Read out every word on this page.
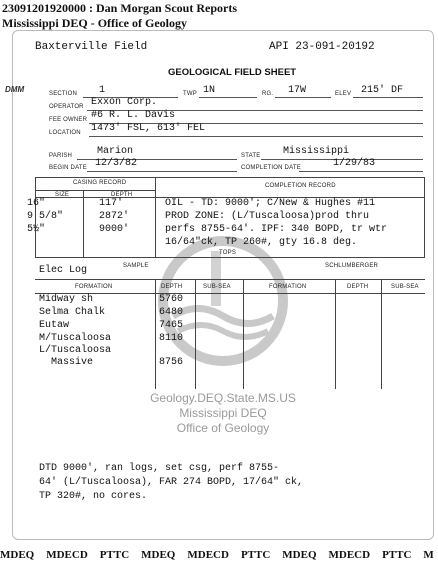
23091201920000 : Dan Morgan Scout Reports
Mississippi DEQ - Office of Geology
Geology.DEQ.State.MS.US
Mississippi DEQ
Office of Geology
Baxterville Field	API 23-091-20192
GEOLOGICAL FIELD SHEET
DMM	SECTION 1	TWP 1N	RG. 17W	ELEV 215' DF
OPERATOR Exxon Corp.
FEE OWNER #6 R. L. Davis
LOCATION 1473' FSL, 613' FEL
PARISH Marion	STATE Mississippi
BEGIN DATE 12/3/82	COMPLETION DATE	1/29/83
CASING RECORD
SIZE	DEPTH
COMPLETION RECORD
16"	117'
9 5/8"	2872'
5½"	9000'
OIL - TD: 9000'; C/New & Hughes #11
PROD ZONE: (L/Tuscaloosa)prod thru
perfs 8755-64'. IPF: 340 BOPD, tr wtr
16/64"ck, TP 260#, gty 16.8 deg.
TOPS
SAMPLE	SCHLUMBERGER
Elec Log
FORMATION	DEPTH	SUB-SEA	FORMATION	DEPTH	SUB-SEA
Midway sh	5760
Selma Chalk	6480
Eutaw	7465
M/Tuscaloosa	8110
L/Tuscaloosa
Massive	8756
DTD 9000', ran logs, set csg, perf 8755-
64' (L/Tuscaloosa), FAR 274 BOPD, 17/64" ck,
TP 320#, no cores.
MDEQ MDECD PTTC MDEQ MDECD PTTC MDEQ MDECD PTTC M
